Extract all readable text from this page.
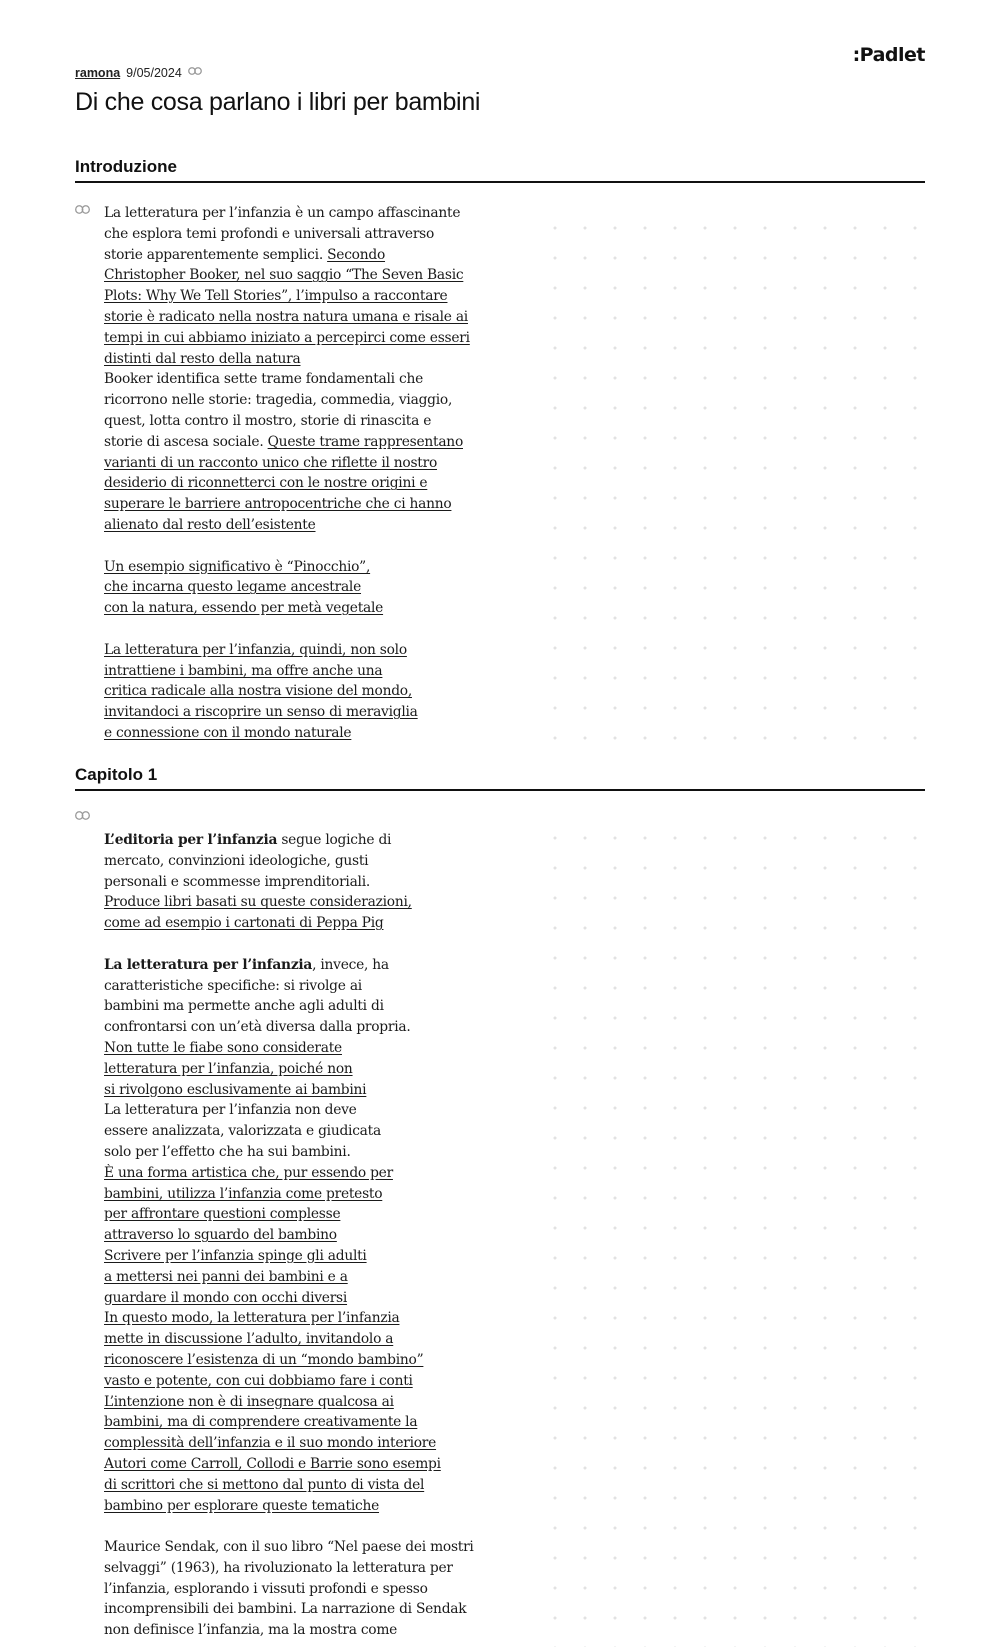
:Padlet
ramona 9/05/2024
Di che cosa parlano i libri per bambini
Introduzione
La letteratura per l’infanzia è un campo affascinante
che esplora temi profondi e universali attraverso
storie apparentemente semplici. Secondo
Christopher Booker, nel suo saggio “The Seven Basic
Plots: Why We Tell Stories”, l’impulso a raccontare
storie è radicato nella nostra natura umana e risale ai
tempi in cui abbiamo iniziato a percepirci come esseri
distinti dal resto della natura
Booker identifica sette trame fondamentali che
ricorrono nelle storie: tragedia, commedia, viaggio,
quest, lotta contro il mostro, storie di rinascita e
storie di ascesa sociale. Queste trame rappresentano
varianti di un racconto unico che riflette il nostro
desiderio di riconnetterci con le nostre origini e
superare le barriere antropocentriche che ci hanno
alienato dal resto dell’esistente
Un esempio significativo è “Pinocchio”,
che incarna questo legame ancestrale
con la natura, essendo per metà vegetale
La letteratura per l’infanzia, quindi, non solo
intrattiene i bambini, ma offre anche una
critica radicale alla nostra visione del mondo,
invitandoci a riscoprire un senso di meraviglia
e connessione con il mondo naturale
Capitolo 1
L’editoria per l’infanzia segue logiche di
mercato, convinzioni ideologiche, gusti
personali e scommesse imprenditoriali.
Produce libri basati su queste considerazioni,
come ad esempio i cartonati di Peppa Pig
La letteratura per l’infanzia, invece, ha
caratteristiche specifiche: si rivolge ai
bambini ma permette anche agli adulti di
confrontarsi con un’età diversa dalla propria.
Non tutte le fiabe sono considerate
letteratura per l’infanzia, poiché non
si rivolgono esclusivamente ai bambini
La letteratura per l’infanzia non deve
essere analizzata, valorizzata e giudicata
solo per l’effetto che ha sui bambini.
È una forma artistica che, pur essendo per
bambini, utilizza l’infanzia come pretesto
per affrontare questioni complesse
attraverso lo sguardo del bambino
Scrivere per l’infanzia spinge gli adulti
a mettersi nei panni dei bambini e a
guardare il mondo con occhi diversi
In questo modo, la letteratura per l’infanzia
mette in discussione l’adulto, invitandolo a
riconoscere l’esistenza di un “mondo bambino”
vasto e potente, con cui dobbiamo fare i conti
L’intenzione non è di insegnare qualcosa ai
bambini, ma di comprendere creativamente la
complessità dell’infanzia e il suo mondo interiore
Autori come Carroll, Collodi e Barrie sono esempi
di scrittori che si mettono dal punto di vista del
bambino per esplorare queste tematiche
Maurice Sendak, con il suo libro “Nel paese dei mostri
selvaggi” (1963), ha rivoluzionato la letteratura per
l’infanzia, esplorando i vissuti profondi e spesso
incomprensibili dei bambini. La narrazione di Sendak
non definisce l’infanzia, ma la mostra come
